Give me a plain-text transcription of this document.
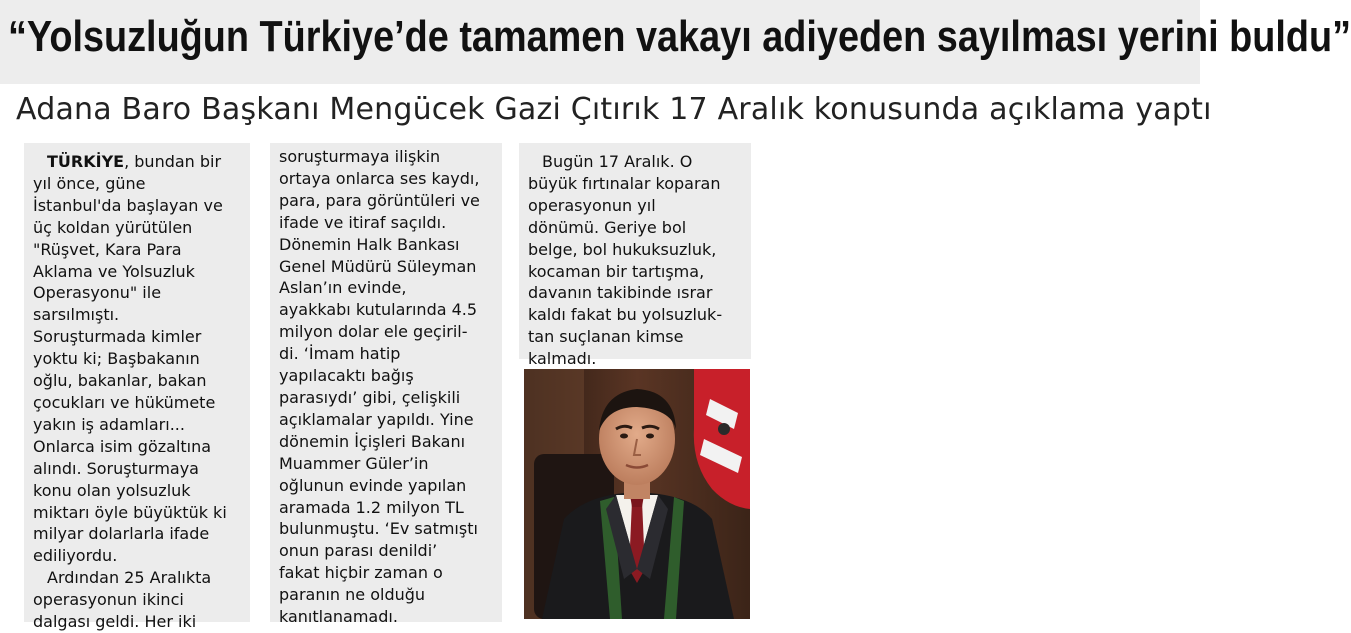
“Yolsuzluğun Türkiye’de tamamen vakayı adiyeden sayılması yerini buldu”
Adana Baro Başkanı Mengücek Gazi Çıtırık 17 Aralık konusunda açıklama yaptı

TÜRKİYE, bundan bir

yıl önce, güne

İstanbul'da başlayan ve

üç koldan yürütülen

"Rüşvet, Kara Para

Aklama ve Yolsuzluk

Operasyonu" ile

sarsılmıştı.

Soruşturmada kimler

yoktu ki; Başbakanın

oğlu, bakanlar, bakan

çocukları ve hükümete

yakın iş adamları...

Onlarca isim gözaltına

alındı. Soruşturmaya

konu olan yolsuzluk

miktarı öyle büyüktük ki

milyar dolarlarla ifade

ediliyordu.

Ardından 25 Aralıkta

operasyonun ikinci

dalgası geldi. Her iki

soruşturmaya ilişkin

ortaya onlarca ses kaydı,

para, para görüntüleri ve

ifade ve itiraf saçıldı.

Dönemin Halk Bankası

Genel Müdürü Süleyman

Aslan’ın evinde,

ayakkabı kutularında 4.5

milyon dolar ele geçiril-

di. ‘İmam hatip

yapılacaktı bağış

parasıydı’ gibi, çelişkili

açıklamalar yapıldı. Yine

dönemin İçişleri Bakanı

Muammer Güler’in

oğlunun evinde yapılan

aramada 1.2 milyon TL

bulunmuştu. ‘Ev satmıştı

onun parası denildi’

fakat hiçbir zaman o

paranın ne olduğu

kanıtlanamadı.

Bugün 17 Aralık. O

büyük fırtınalar koparan

operasyonun yıl

dönümü. Geriye bol

belge, bol hukuksuzluk,

kocaman bir tartışma,

davanın takibinde ısrar

kaldı fakat bu yolsuzluk-

tan suçlanan kimse

kalmadı.
